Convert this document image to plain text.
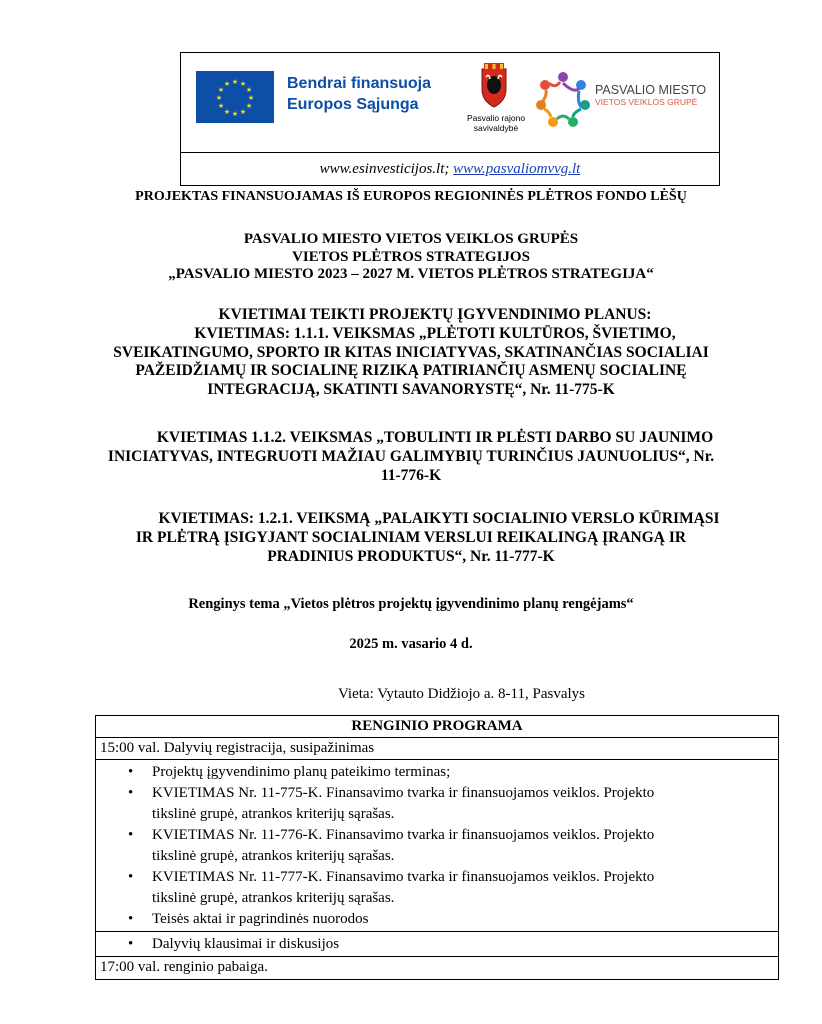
★ ★
★
★
★
★
★
★
★
★
★
★	Bendrai finansuoja
Europos Sąjunga
Pasvalio rajono
savivaldybė
PASVALIO MIESTO
VIETOS VEIKLOS GRUPĖ
www.esinvesticijos.lt; www.pasvaliomvvg.lt
PROJEKTAS FINANSUOJAMAS IŠ EUROPOS REGIONINĖS PLĖTROS FONDO LĖŠŲ
PASVALIO MIESTO VIETOS VEIKLOS GRUPĖS
VIETOS PLĖTROS STRATEGIJOS
„PASVALIO MIESTO 2023 – 2027 M. VIETOS PLĖTROS STRATEGIJA“
KVIETIMAI TEIKTI PROJEKTŲ ĮGYVENDINIMO PLANUS:
KVIETIMAS: 1.1.1. VEIKSMAS „PLĖTOTI KULTŪROS, ŠVIETIMO,
SVEIKATINGUMO, SPORTO IR KITAS INICIATYVAS, SKATINANČIAS SOCIALIAI
PAŽEIDŽIAMŲ IR SOCIALINĘ RIZIKĄ PATIRIANČIŲ ASMENŲ SOCIALINĘ
INTEGRACIJĄ, SKATINTI SAVANORYSTĘ“, Nr. 11-775-K
KVIETIMAS 1.1.2. VEIKSMAS „TOBULINTI IR PLĖSTI DARBO SU JAUNIMO
INICIATYVAS, INTEGRUOTI MAŽIAU GALIMYBIŲ TURINČIUS JAUNUOLIUS“, Nr.
11-776-K
KVIETIMAS: 1.2.1. VEIKSMĄ „PALAIKYTI SOCIALINIO VERSLO KŪRIMĄSI
IR PLĖTRĄ ĮSIGYJANT SOCIALINIAM VERSLUI REIKALINGĄ ĮRANGĄ IR
PRADINIUS PRODUKTUS“, Nr. 11-777-K
Renginys tema „Vietos plėtros projektų įgyvendinimo planų rengėjams“
2025 m. vasario 4 d.
Vieta: Vytauto Didžiojo a. 8-11, Pasvalys
RENGINIO PROGRAMA
15:00 val. Dalyvių registracija, susipažinimas
• Projektų įgyvendinimo planų pateikimo terminas;
• KVIETIMAS Nr. 11-775-K. Finansavimo tvarka ir finansuojamos veiklos. Projekto
tikslinė grupė, atrankos kriterijų sąrašas.
• KVIETIMAS Nr. 11-776-K. Finansavimo tvarka ir finansuojamos veiklos. Projekto
tikslinė grupė, atrankos kriterijų sąrašas.
• KVIETIMAS Nr. 11-777-K. Finansavimo tvarka ir finansuojamos veiklos. Projekto
tikslinė grupė, atrankos kriterijų sąrašas.
• Teisės aktai ir pagrindinės nuorodos
• Dalyvių klausimai ir diskusijos
17:00 val. renginio pabaiga.
